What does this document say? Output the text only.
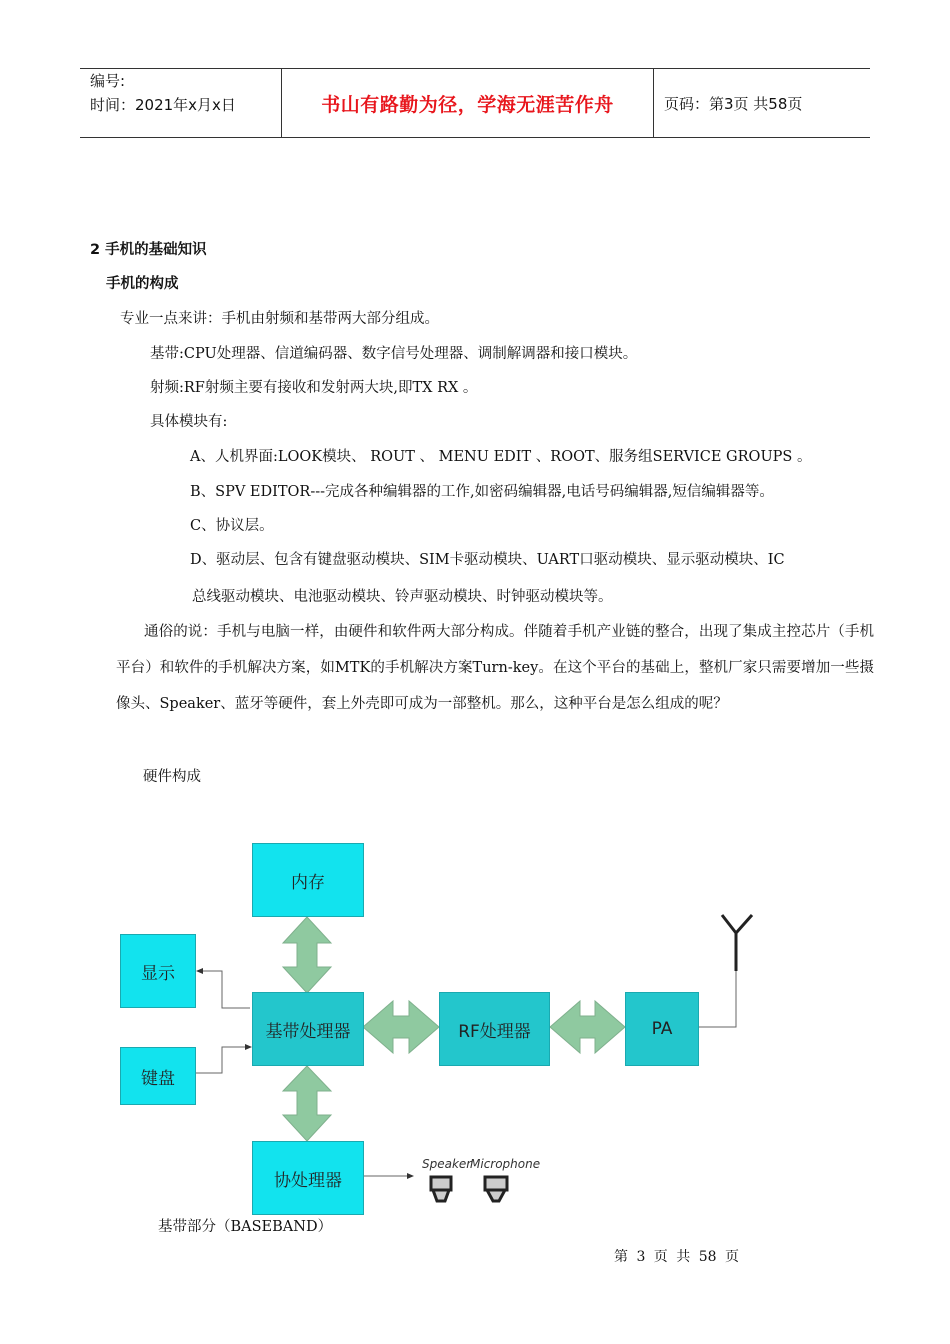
编号:
时间：2021年x月x日	书山有路勤为径，学海无涯苦作舟	页码：第3页 共58页
2 手机的基础知识
手机的构成
专业一点来讲：手机由射频和基带两大部分组成。
基带:CPU处理器、信道编码器、数字信号处理器、调制解调器和接口模块。
射频:RF射频主要有接收和发射两大块,即TX RX 。
具体模块有:
A、人机界面:LOOK模块、 ROUT 、 MENU EDIT 、ROOT、服务组SERVICE GROUPS 。
B、SPV EDITOR---完成各种编辑器的工作,如密码编辑器,电话号码编辑器,短信编辑器等。
C、协议层。
D、驱动层、包含有键盘驱动模块、SIM卡驱动模块、UART口驱动模块、显示驱动模块、IC
总线驱动模块、电池驱动模块、铃声驱动模块、时钟驱动模块等。
通俗的说：手机与电脑一样，由硬件和软件两大部分构成。伴随着手机产业链的整合，出现了集成主控芯片（手机平台）和软件的手机解决方案，如MTK的手机解决方案Turn-key。在这个平台的基础上，整机厂家只需要增加一些摄像头、Speaker、蓝牙等硬件，套上外壳即可成为一部整机。那么，这种平台是怎么组成的呢？
硬件构成
Speaker
Microphone
内存
显示
基带处理器	RF处理器	PA
键盘
协处理器
基带部分（BASEBAND）
第 3 页 共 58 页
